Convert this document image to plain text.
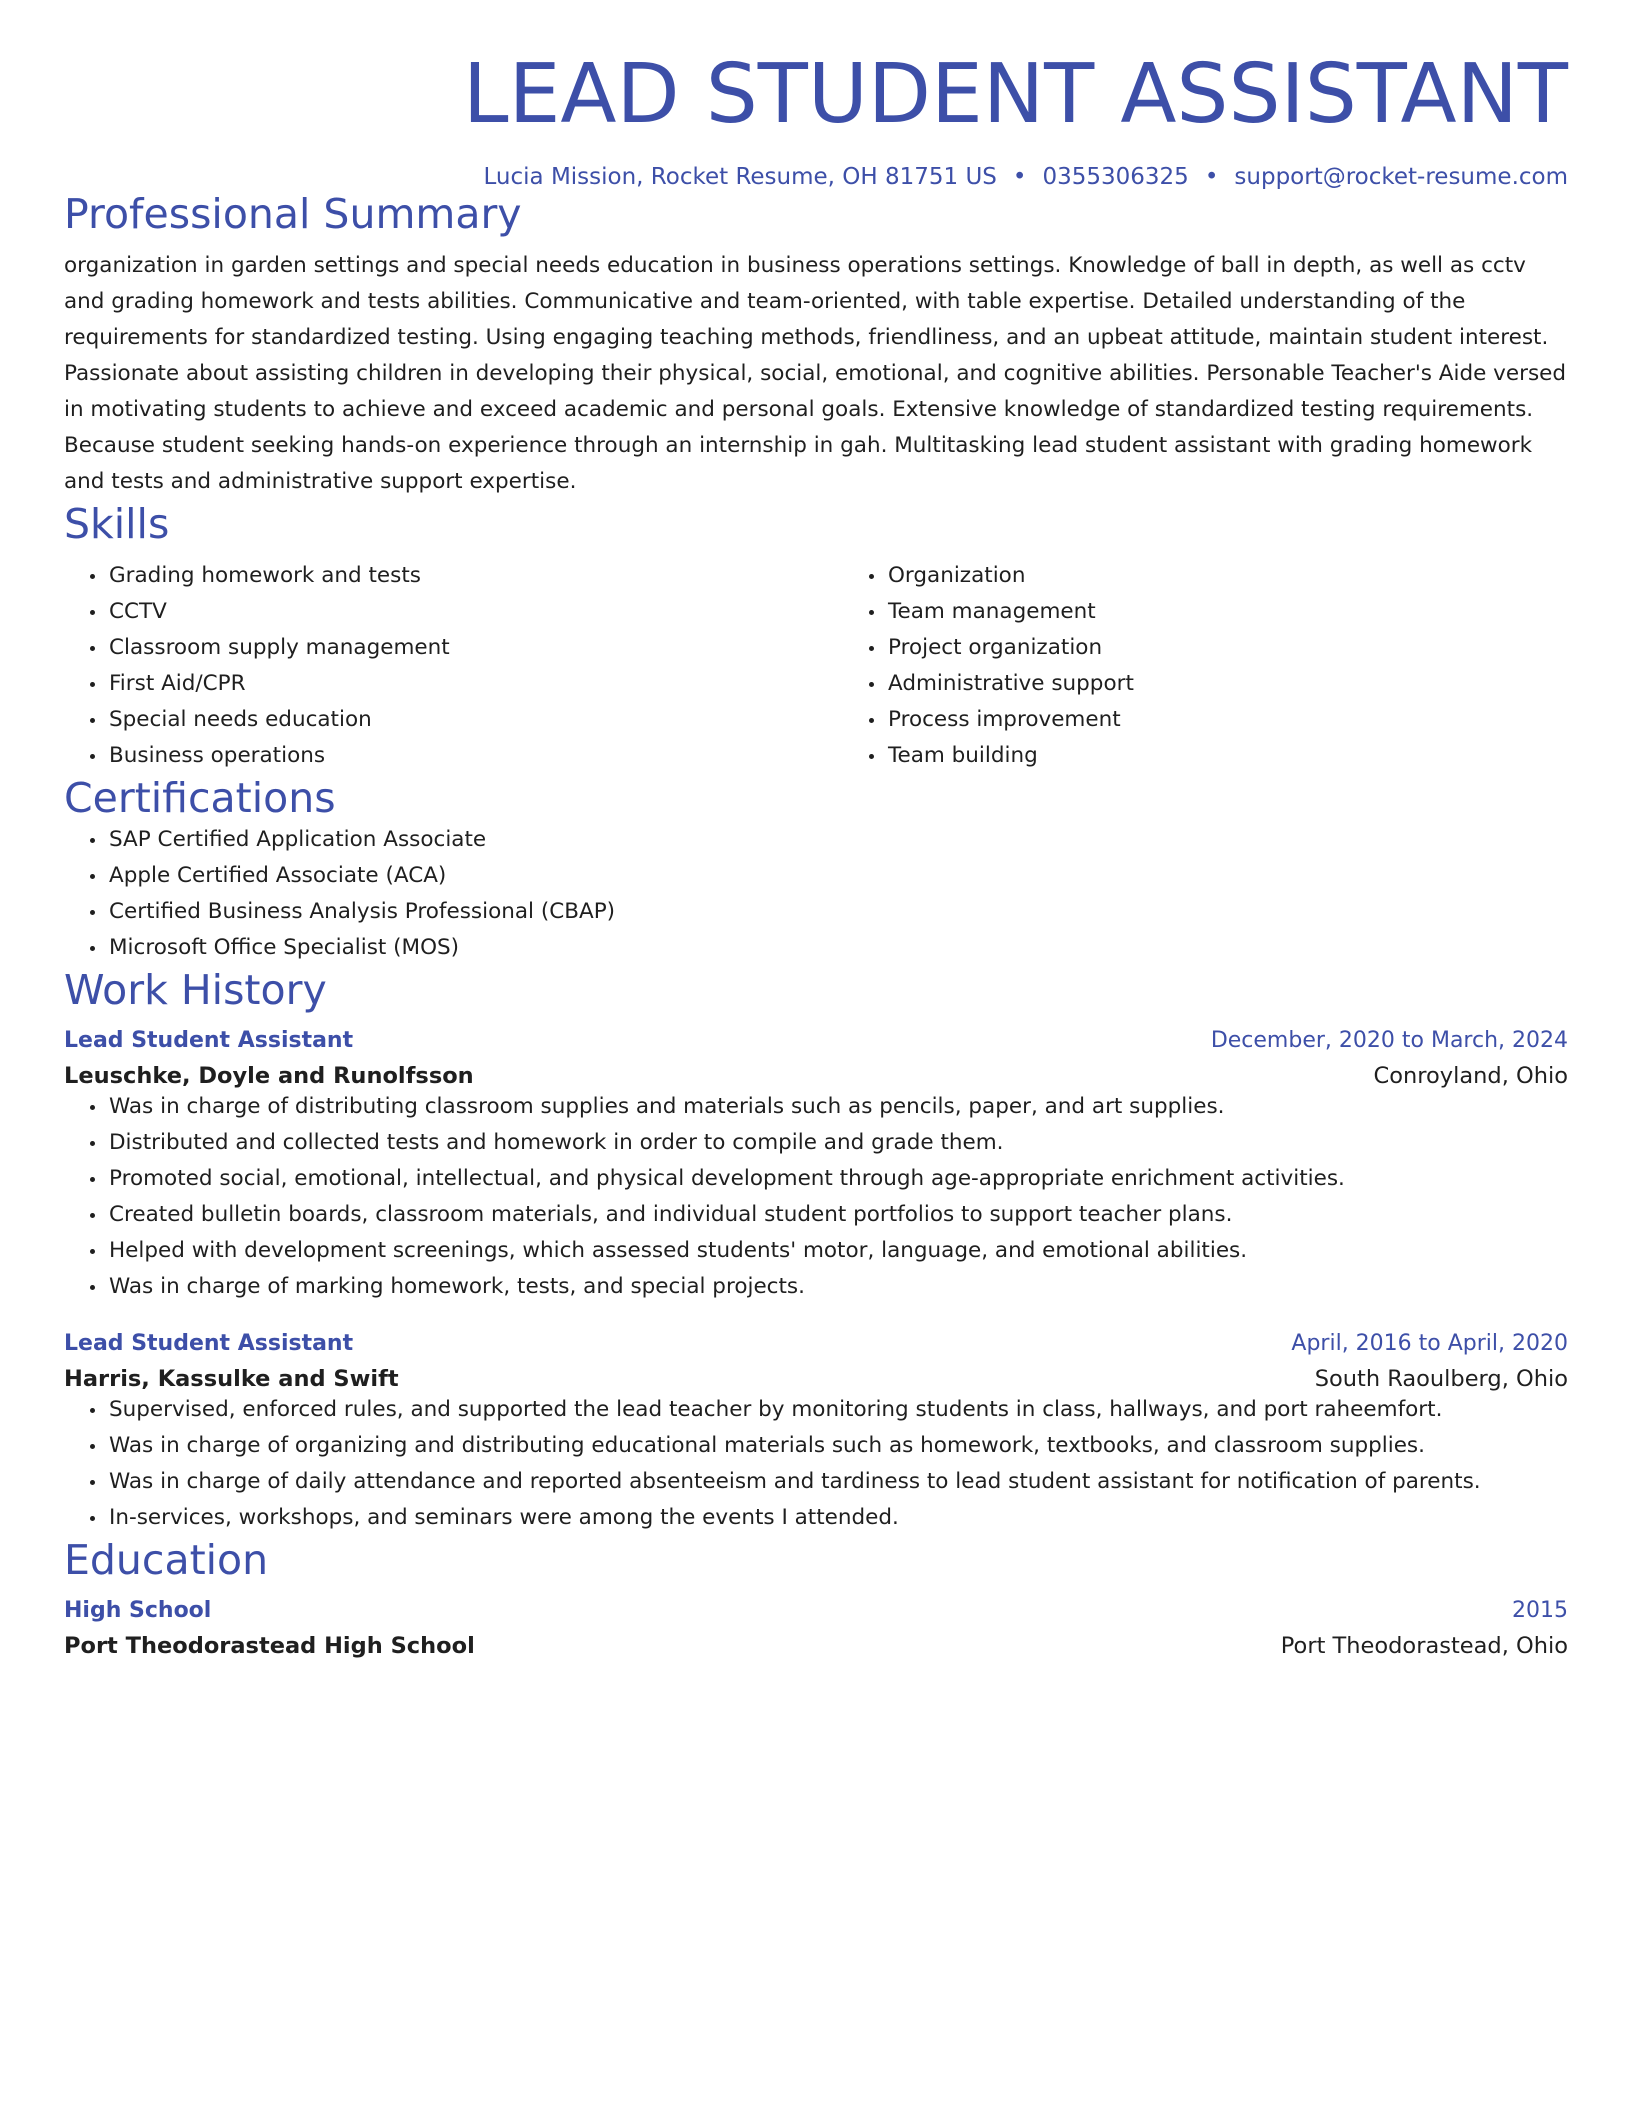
LEAD STUDENT ASSISTANT
Lucia Mission, Rocket Resume, OH 81751 US • 0355306325 • support@rocket-resume.com
Professional Summary

organization in garden settings and special needs education in business operations settings. Knowledge of ball in depth, as well as cctv and grading homework and tests abilities. Communicative and team-oriented, with table expertise. Detailed understanding of the requirements for standardized testing. Using engaging teaching methods, friendliness, and an upbeat attitude, maintain student interest. Passionate about assisting children in developing their physical, social, emotional, and cognitive abilities. Personable Teacher's Aide versed in motivating students to achieve and exceed academic and personal goals. Extensive knowledge of standardized testing requirements. Because student seeking hands-on experience through an internship in gah. Multitasking lead student assistant with grading homework and tests and administrative support expertise.

Skills
• Grading homework and tests
• CCTV
• Classroom supply management
• First Aid/CPR
• Special needs education
• Business operations
• Organization
• Team management
• Project organization
• Administrative support
• Process improvement
• Team building
Certifications
• SAP Certified Application Associate
• Apple Certified Associate (ACA)
• Certified Business Analysis Professional (CBAP)
• Microsoft Office Specialist (MOS)
Work History
Lead Student Assistant	December, 2020 to March, 2024
Leuschke, Doyle and Runolfsson	Conroyland, Ohio
• Was in charge of distributing classroom supplies and materials such as pencils, paper, and art supplies.
• Distributed and collected tests and homework in order to compile and grade them.
• Promoted social, emotional, intellectual, and physical development through age-appropriate enrichment activities.
• Created bulletin boards, classroom materials, and individual student portfolios to support teacher plans.
• Helped with development screenings, which assessed students' motor, language, and emotional abilities.
• Was in charge of marking homework, tests, and special projects.
Lead Student Assistant	April, 2016 to April, 2020
Harris, Kassulke and Swift	South Raoulberg, Ohio
• Supervised, enforced rules, and supported the lead teacher by monitoring students in class, hallways, and port raheemfort.
• Was in charge of organizing and distributing educational materials such as homework, textbooks, and classroom supplies.
• Was in charge of daily attendance and reported absenteeism and tardiness to lead student assistant for notification of parents.
• In-services, workshops, and seminars were among the events I attended.
Education
High School	2015
Port Theodorastead High School	Port Theodorastead, Ohio
